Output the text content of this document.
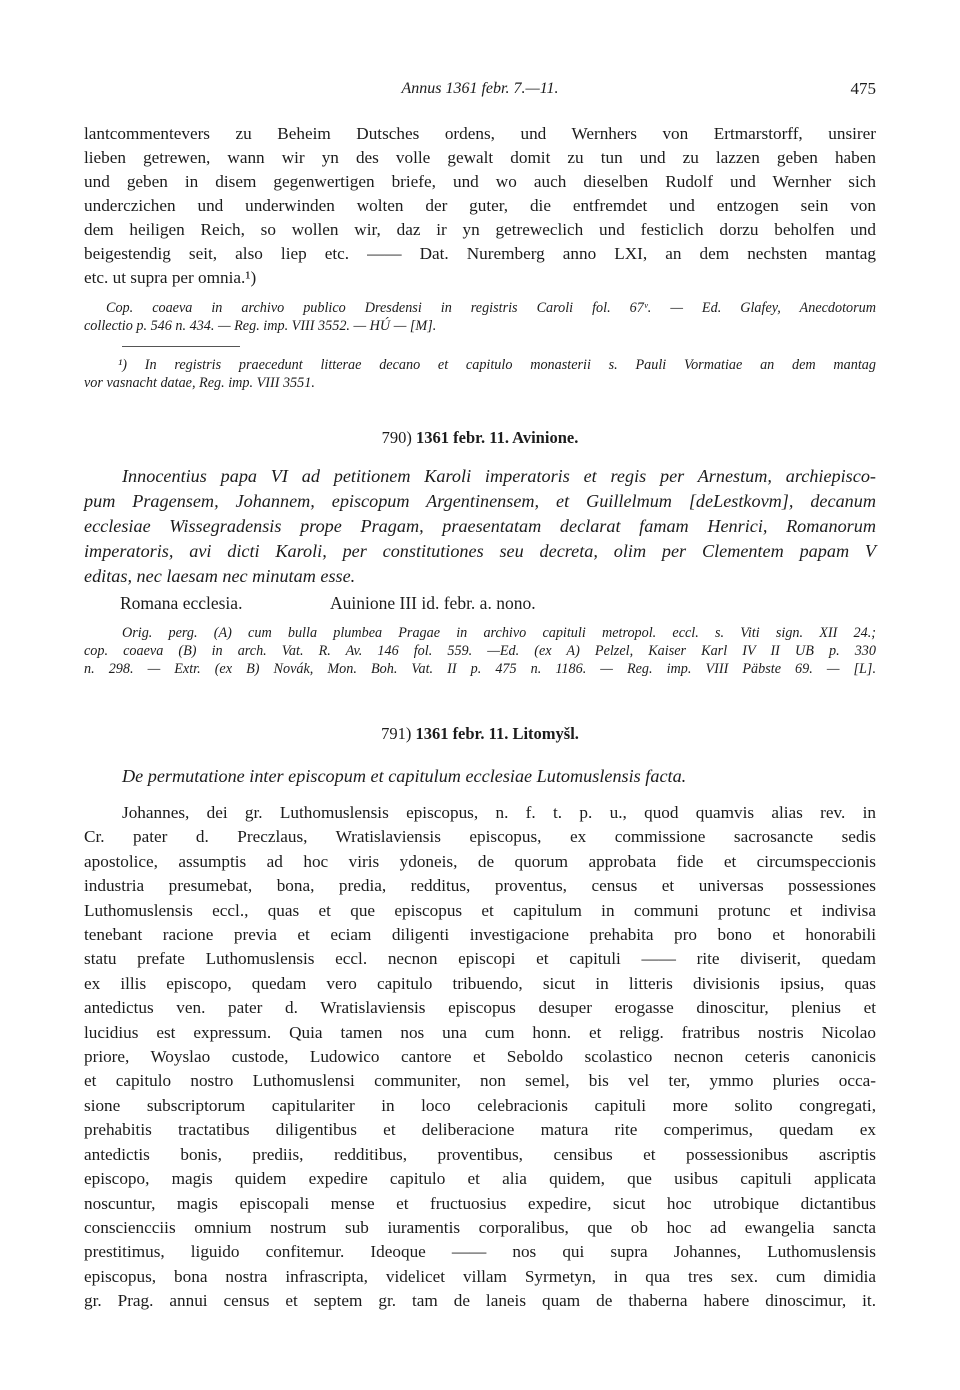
Annus 1361 febr. 7.—11.	475
lantcommentevers zu Beheim Dutsches ordens, und Wernhers von Ertmarstorff, unsirer
lieben getrewen, wann wir yn des volle gewalt domit zu tun und zu lazzen geben haben
und geben in disem gegenwertigen briefe, und wo auch dieselben Rudolf und Wernher sich
underczichen und underwinden wolten der guter, die entfremdet und entzogen sein von
dem heiligen Reich, so wollen wir, daz ir yn getreweclich und festiclich dorzu beholfen und
beigestendig seit, also liep etc. —— Dat. Nuremberg anno LXI, an dem nechsten mantag
etc. ut supra per omnia.¹)
Cop. coaeva in archivo publico Dresdensi in registris Caroli fol. 67ᵛ. — Ed. Glafey, Anecdotorum
collectio p. 546 n. 434. — Reg. imp. VIII 3552. — HÚ — [M].
¹) In registris praecedunt litterae decano et capitulo monasterii s. Pauli Vormatiae an dem mantag
vor vasnacht datae, Reg. imp. VIII 3551.
790) 1361 febr. 11. Avinione.
Innocentius papa VI ad petitionem Karoli imperatoris et regis per Arnestum, archiepisco-
pum Pragensem, Johannem, episcopum Argentinensem, et Guillelmum [deLestkovm], decanum
ecclesiae Wissegradensis prope Pragam, praesentatam declarat famam Henrici, Romanorum
imperatoris, avi dicti Karoli, per constitutiones seu decreta, olim per Clementem papam V
editas, nec laesam nec minutam esse.
Romana ecclesia.	Auinione III id. febr. a. nono.
Orig. perg. (A) cum bulla plumbea Pragae in archivo capituli metropol. eccl. s. Viti sign. XII 24.;
cop. coaeva (B) in arch. Vat. R. Av. 146 fol. 559. —Ed. (ex A) Pelzel, Kaiser Karl IV II UB p. 330
n. 298. — Extr. (ex B) Novák, Mon. Boh. Vat. II p. 475 n. 1186. — Reg. imp. VIII Päbste 69. — [L].
791) 1361 febr. 11. Litomyšl.
De permutatione inter episcopum et capitulum ecclesiae Lutomuslensis facta.
Johannes, dei gr. Luthomuslensis episcopus, n. f. t. p. u., quod quamvis alias rev. in
Cr. pater d. Preczlaus, Wratislaviensis episcopus, ex commissione sacrosancte sedis
apostolice, assumptis ad hoc viris ydoneis, de quorum approbata fide et circumspeccionis
industria presumebat, bona, predia, redditus, proventus, census et universas possessiones
Luthomuslensis eccl., quas et que episcopus et capitulum in communi protunc et indivisa
tenebant racione previa et eciam diligenti investigacione prehabita pro bono et honorabili
statu prefate Luthomuslensis eccl. necnon episcopi et capituli —— rite diviserit, quedam
ex illis episcopo, quedam vero capitulo tribuendo, sicut in litteris divisionis ipsius, quas
antedictus ven. pater d. Wratislaviensis episcopus desuper erogasse dinoscitur, plenius et
lucidius est expressum. Quia tamen nos una cum honn. et religg. fratribus nostris Nicolao
priore, Woyslao custode, Ludowico cantore et Seboldo scolastico necnon ceteris canonicis
et capitulo nostro Luthomuslensi communiter, non semel, bis vel ter, ymmo pluries occa-
sione subscriptorum capitulariter in loco celebracionis capituli more solito congregati,
prehabitis tractatibus diligentibus et deliberacione matura rite comperimus, quedam ex
antedictis bonis, prediis, redditibus, proventibus, censibus et possessionibus ascriptis
episcopo, magis quidem expedire capitulo et alia quidem, que usibus capituli applicata
noscuntur, magis episcopali mense et fructuosius expedire, sicut hoc utrobique dictantibus
consciencciis omnium nostrum sub iuramentis corporalibus, que ob hoc ad ewangelia sancta
prestitimus, liguido confitemur. Ideoque —— nos qui supra Johannes, Luthomuslensis
episcopus, bona nostra infrascripta, videlicet villam Syrmetyn, in qua tres sex. cum dimidia
gr. Prag. annui census et septem gr. tam de laneis quam de thaberna habere dinoscimur, it.
